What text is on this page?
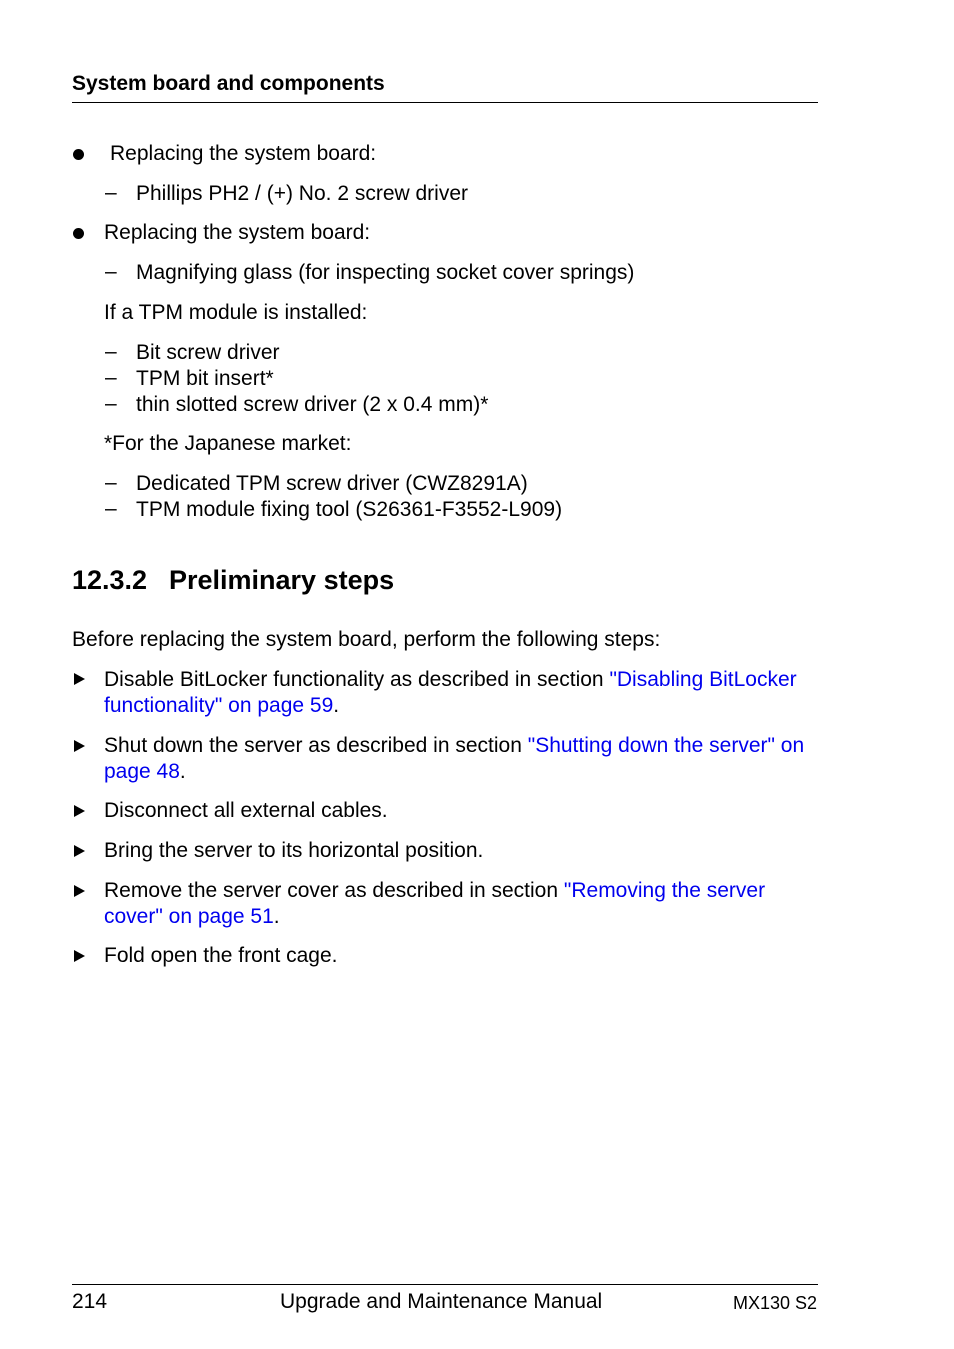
System board and components
Replacing the system board:
– Phillips PH2 / (+) No. 2 screw driver
Replacing the system board:
– Magnifying glass (for inspecting socket cover springs)
If a TPM module is installed:
– Bit screw driver
– TPM bit insert*
– thin slotted screw driver (2 x 0.4 mm)*
*For the Japanese market:
– Dedicated TPM screw driver (CWZ8291A)
– TPM module fixing tool (S26361-F3552-L909)
12.3.2 Preliminary steps
Before replacing the system board, perform the following steps:
Disable BitLocker functionality as described in section "Disabling BitLocker
functionality" on page 59.
Shut down the server as described in section "Shutting down the server" on
page 48.
Disconnect all external cables.
Bring the server to its horizontal position.
Remove the server cover as described in section "Removing the server
cover" on page 51.
Fold open the front cage.
214	Upgrade and Maintenance Manual	MX130 S2
